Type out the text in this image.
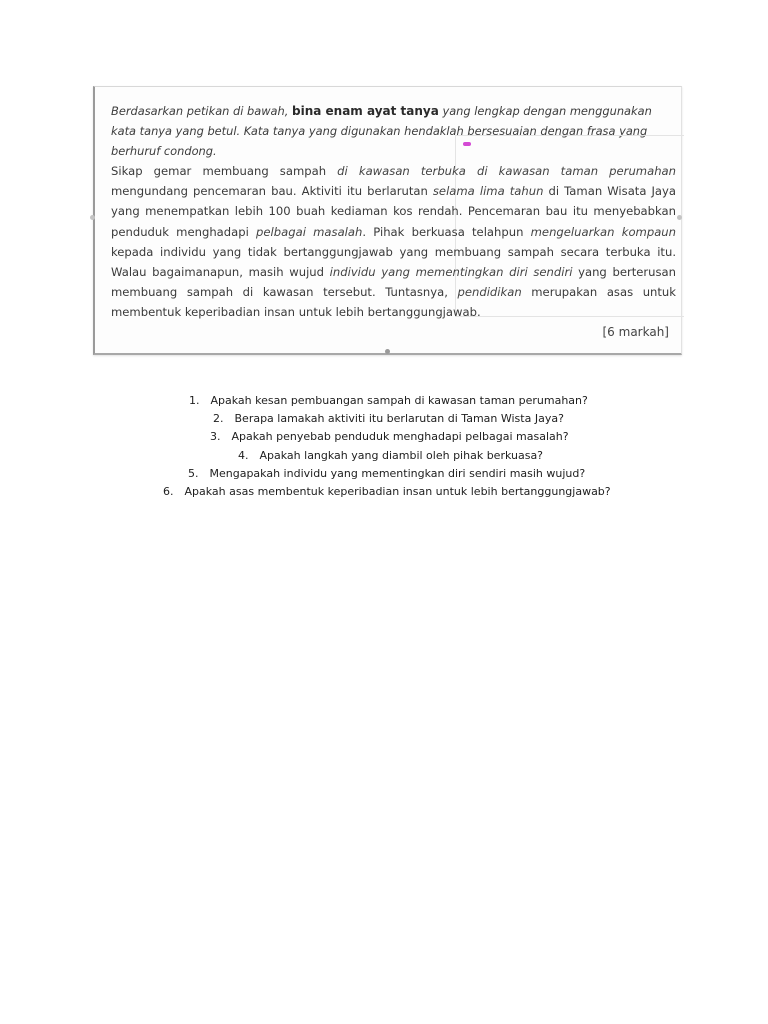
Berdasarkan petikan di bawah, bina enam ayat tanya yang lengkap dengan menggunakan kata tanya yang betul. Kata tanya yang digunakan hendaklah bersesuaian dengan frasa yang berhuruf condong.
Sikap gemar membuang sampah di kawasan terbuka di kawasan taman perumahan mengundang pencemaran bau. Aktiviti itu berlarutan selama lima tahun di Taman Wisata Jaya yang menempatkan lebih 100 buah kediaman kos rendah. Pencemaran bau itu menyebabkan penduduk menghadapi pelbagai masalah. Pihak berkuasa telahpun mengeluarkan kompaun kepada individu yang tidak bertanggungjawab yang membuang sampah secara terbuka itu. Walau bagaimanapun, masih wujud individu yang mementingkan diri sendiri yang berterusan membuang sampah di kawasan tersebut. Tuntasnya, pendidikan merupakan asas untuk membentuk keperibadian insan untuk lebih bertanggungjawab.
[6 markah]
1. Apakah kesan pembuangan sampah di kawasan taman perumahan?
2. Berapa lamakah aktiviti itu berlarutan di Taman Wista Jaya?
3. Apakah penyebab penduduk menghadapi pelbagai masalah?
4. Apakah langkah yang diambil oleh pihak berkuasa?
5. Mengapakah individu yang mementingkan diri sendiri masih wujud?
6. Apakah asas membentuk keperibadian insan untuk lebih bertanggungjawab?
